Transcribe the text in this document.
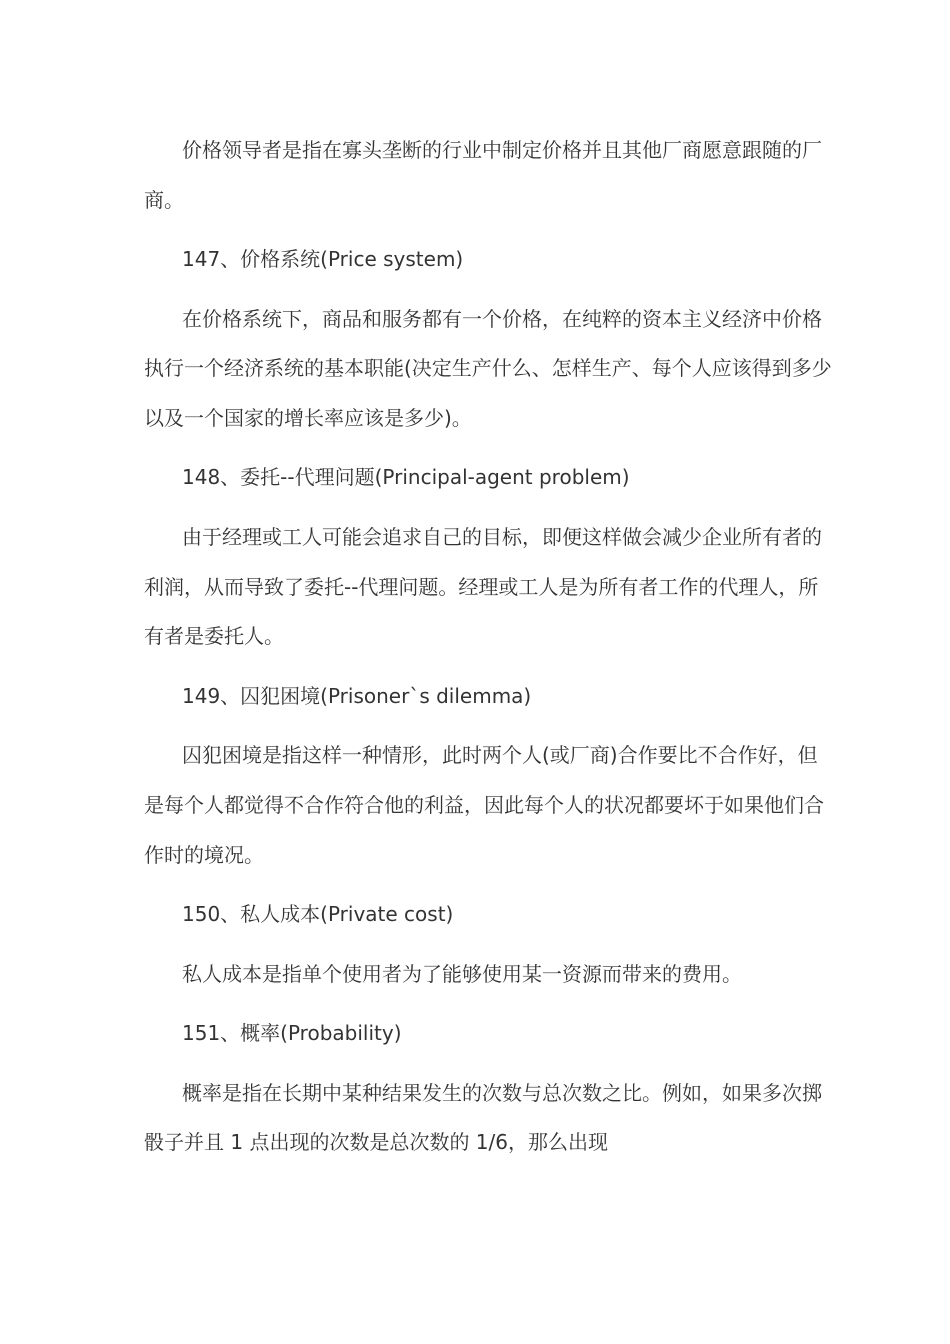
价格领导者是指在寡头垄断的行业中制定价格并且其他厂商愿意跟随的厂
商。
147、价格系统(Price system)
在价格系统下，商品和服务都有一个价格，在纯粹的资本主义经济中价格
执行一个经济系统的基本职能(决定生产什么、怎样生产、每个人应该得到多少
以及一个国家的增长率应该是多少)。
148、委托--代理问题(Principal-agent problem)
由于经理或工人可能会追求自己的目标，即便这样做会减少企业所有者的
利润，从而导致了委托--代理问题。经理或工人是为所有者工作的代理人，所
有者是委托人。
149、囚犯困境(Prisoner`s dilemma)
囚犯困境是指这样一种情形，此时两个人(或厂商)合作要比不合作好，但
是每个人都觉得不合作符合他的利益，因此每个人的状况都要坏于如果他们合
作时的境况。
150、私人成本(Private cost)
私人成本是指单个使用者为了能够使用某一资源而带来的费用。
151、概率(Probability)
概率是指在长期中某种结果发生的次数与总次数之比。例如，如果多次掷
骰子并且 1 点出现的次数是总次数的 1/6，那么出现
